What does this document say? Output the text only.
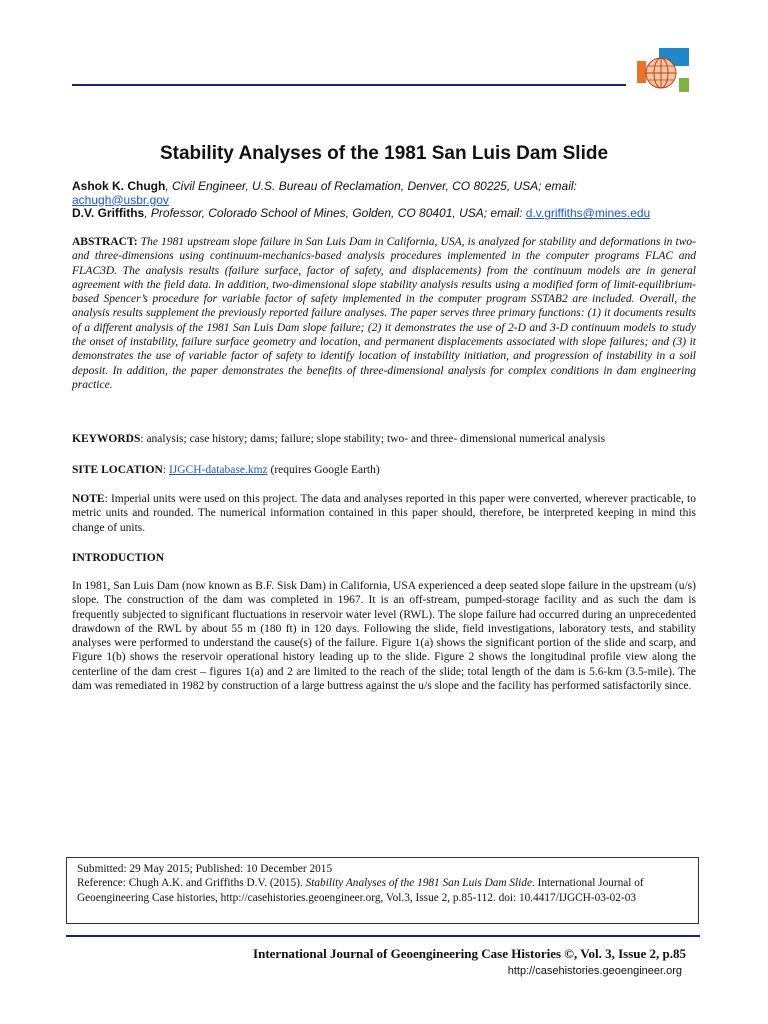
Stability Analyses of the 1981 San Luis Dam Slide
Ashok K. Chugh, Civil Engineer, U.S. Bureau of Reclamation, Denver, CO 80225, USA; email:
achugh@usbr.gov
D.V. Griffiths, Professor, Colorado School of Mines, Golden, CO 80401, USA; email: d.v.griffiths@mines.edu
ABSTRACT: The 1981 upstream slope failure in San Luis Dam in California, USA, is analyzed for stability and deformations in two- and three-dimensions using continuum-mechanics-based analysis procedures implemented in the computer programs FLAC and FLAC3D. The analysis results (failure surface, factor of safety, and displacements) from the continuum models are in general agreement with the field data. In addition, two-dimensional slope stability analysis results using a modified form of limit-equilibrium-based Spencer’s procedure for variable factor of safety implemented in the computer program SSTAB2 are included. Overall, the analysis results supplement the previously reported failure analyses. The paper serves three primary functions: (1) it documents results of a different analysis of the 1981 San Luis Dam slope failure; (2) it demonstrates the use of 2-D and 3-D continuum models to study the onset of instability, failure surface geometry and location, and permanent displacements associated with slope failures; and (3) it demonstrates the use of variable factor of safety to identify location of instability initiation, and progression of instability in a soil deposit. In addition, the paper demonstrates the benefits of three-dimensional analysis for complex conditions in dam engineering practice.
KEYWORDS: analysis; case history; dams; failure; slope stability; two- and three- dimensional numerical analysis
SITE LOCATION: IJGCH-database.kmz (requires Google Earth)
NOTE: Imperial units were used on this project. The data and analyses reported in this paper were converted, wherever practicable, to metric units and rounded. The numerical information contained in this paper should, therefore, be interpreted keeping in mind this change of units.
INTRODUCTION
In 1981, San Luis Dam (now known as B.F. Sisk Dam) in California, USA experienced a deep seated slope failure in the upstream (u/s) slope. The construction of the dam was completed in 1967. It is an off-stream, pumped-storage facility and as such the dam is frequently subjected to significant fluctuations in reservoir water level (RWL). The slope failure had occurred during an unprecedented drawdown of the RWL by about 55 m (180 ft) in 120 days. Following the slide, field investigations, laboratory tests, and stability analyses were performed to understand the cause(s) of the failure. Figure 1(a) shows the significant portion of the slide and scarp, and Figure 1(b) shows the reservoir operational history leading up to the slide. Figure 2 shows the longitudinal profile view along the centerline of the dam crest – figures 1(a) and 2 are limited to the reach of the slide; total length of the dam is 5.6-km (3.5-mile). The dam was remediated in 1982 by construction of a large buttress against the u/s slope and the facility has performed satisfactorily since.
Submitted: 29 May 2015; Published: 10 December 2015
Reference: Chugh A.K. and Griffiths D.V. (2015). Stability Analyses of the 1981 San Luis Dam Slide. International Journal of Geoengineering Case histories, http://casehistories.geoengineer.org, Vol.3, Issue 2, p.85-112. doi: 10.4417/IJGCH-03-02-03
International Journal of Geoengineering Case Histories ©, Vol. 3, Issue 2, p.85
http://casehistories.geoengineer.org
